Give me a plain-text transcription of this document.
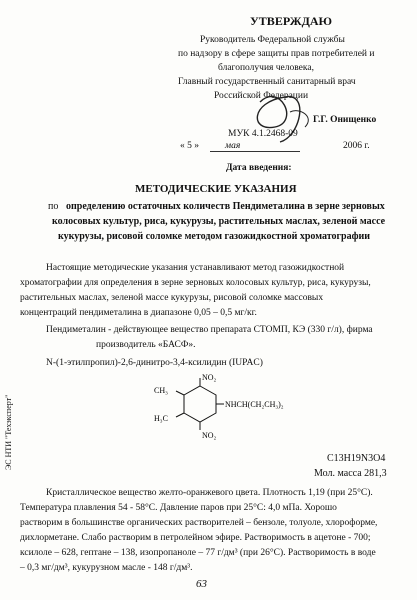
УТВЕРЖДАЮ
Руководитель Федеральной службы
по надзору в сфере защиты прав потребителей и
благополучия человека,
Главный государственный санитарный врач
Российской Федерации
Г.Г. Онищенко
МУК 4.1.2468-09
« 5 »	мая	2006 г.
Дата введения:
МЕТОДИЧЕСКИЕ УКАЗАНИЯ
по определению остаточных количеств Пендиметалина в зерне зерновых
колосовых культур, риса, кукурузы, растительных маслах, зеленой массе
кукурузы, рисовой соломке методом газожидкостной хроматографии
Настоящие методические указания устанавливают метод газожидкостной
хроматографии для определения в зерне зерновых колосовых культур, риса, кукурузы,
растительных маслах, зеленой массе кукурузы, рисовой соломке массовых
концентраций пендиметалина в диапазоне 0,05 – 0,5 мг/кг.
Пендиметалин - действующее вещество препарата СТОМП, КЭ (330 г/л), фирма
производитель «БАСФ».
N-(1-этилпропил)-2,6-динитро-3,4-ксилидин (IUPAC)
NO₂
NO₂
CH₃
H₃C
NHCH(CH₂CH₃)₂
C13H19N3O4
Мол. масса 281,3
Кристаллическое вещество желто-оранжевого цвета. Плотность 1,19 (при 25°С).
Температура плавления 54 - 58°С. Давление паров при 25°С: 4,0 мПа. Хорошо
растворим в большинстве органических растворителей – бензоле, толуоле, хлороформе,
дихлорметане. Слабо растворим в петролейном эфире. Растворимость в ацетоне - 700;
ксилоле – 628, гептане – 138, изопропаноле – 77 г/дм³ (при 26°С). Растворимость в воде
– 0,3 мг/дм³, кукурузном масле - 148 г/дм³.
63
ЭС НТИ "Техэксперт"
